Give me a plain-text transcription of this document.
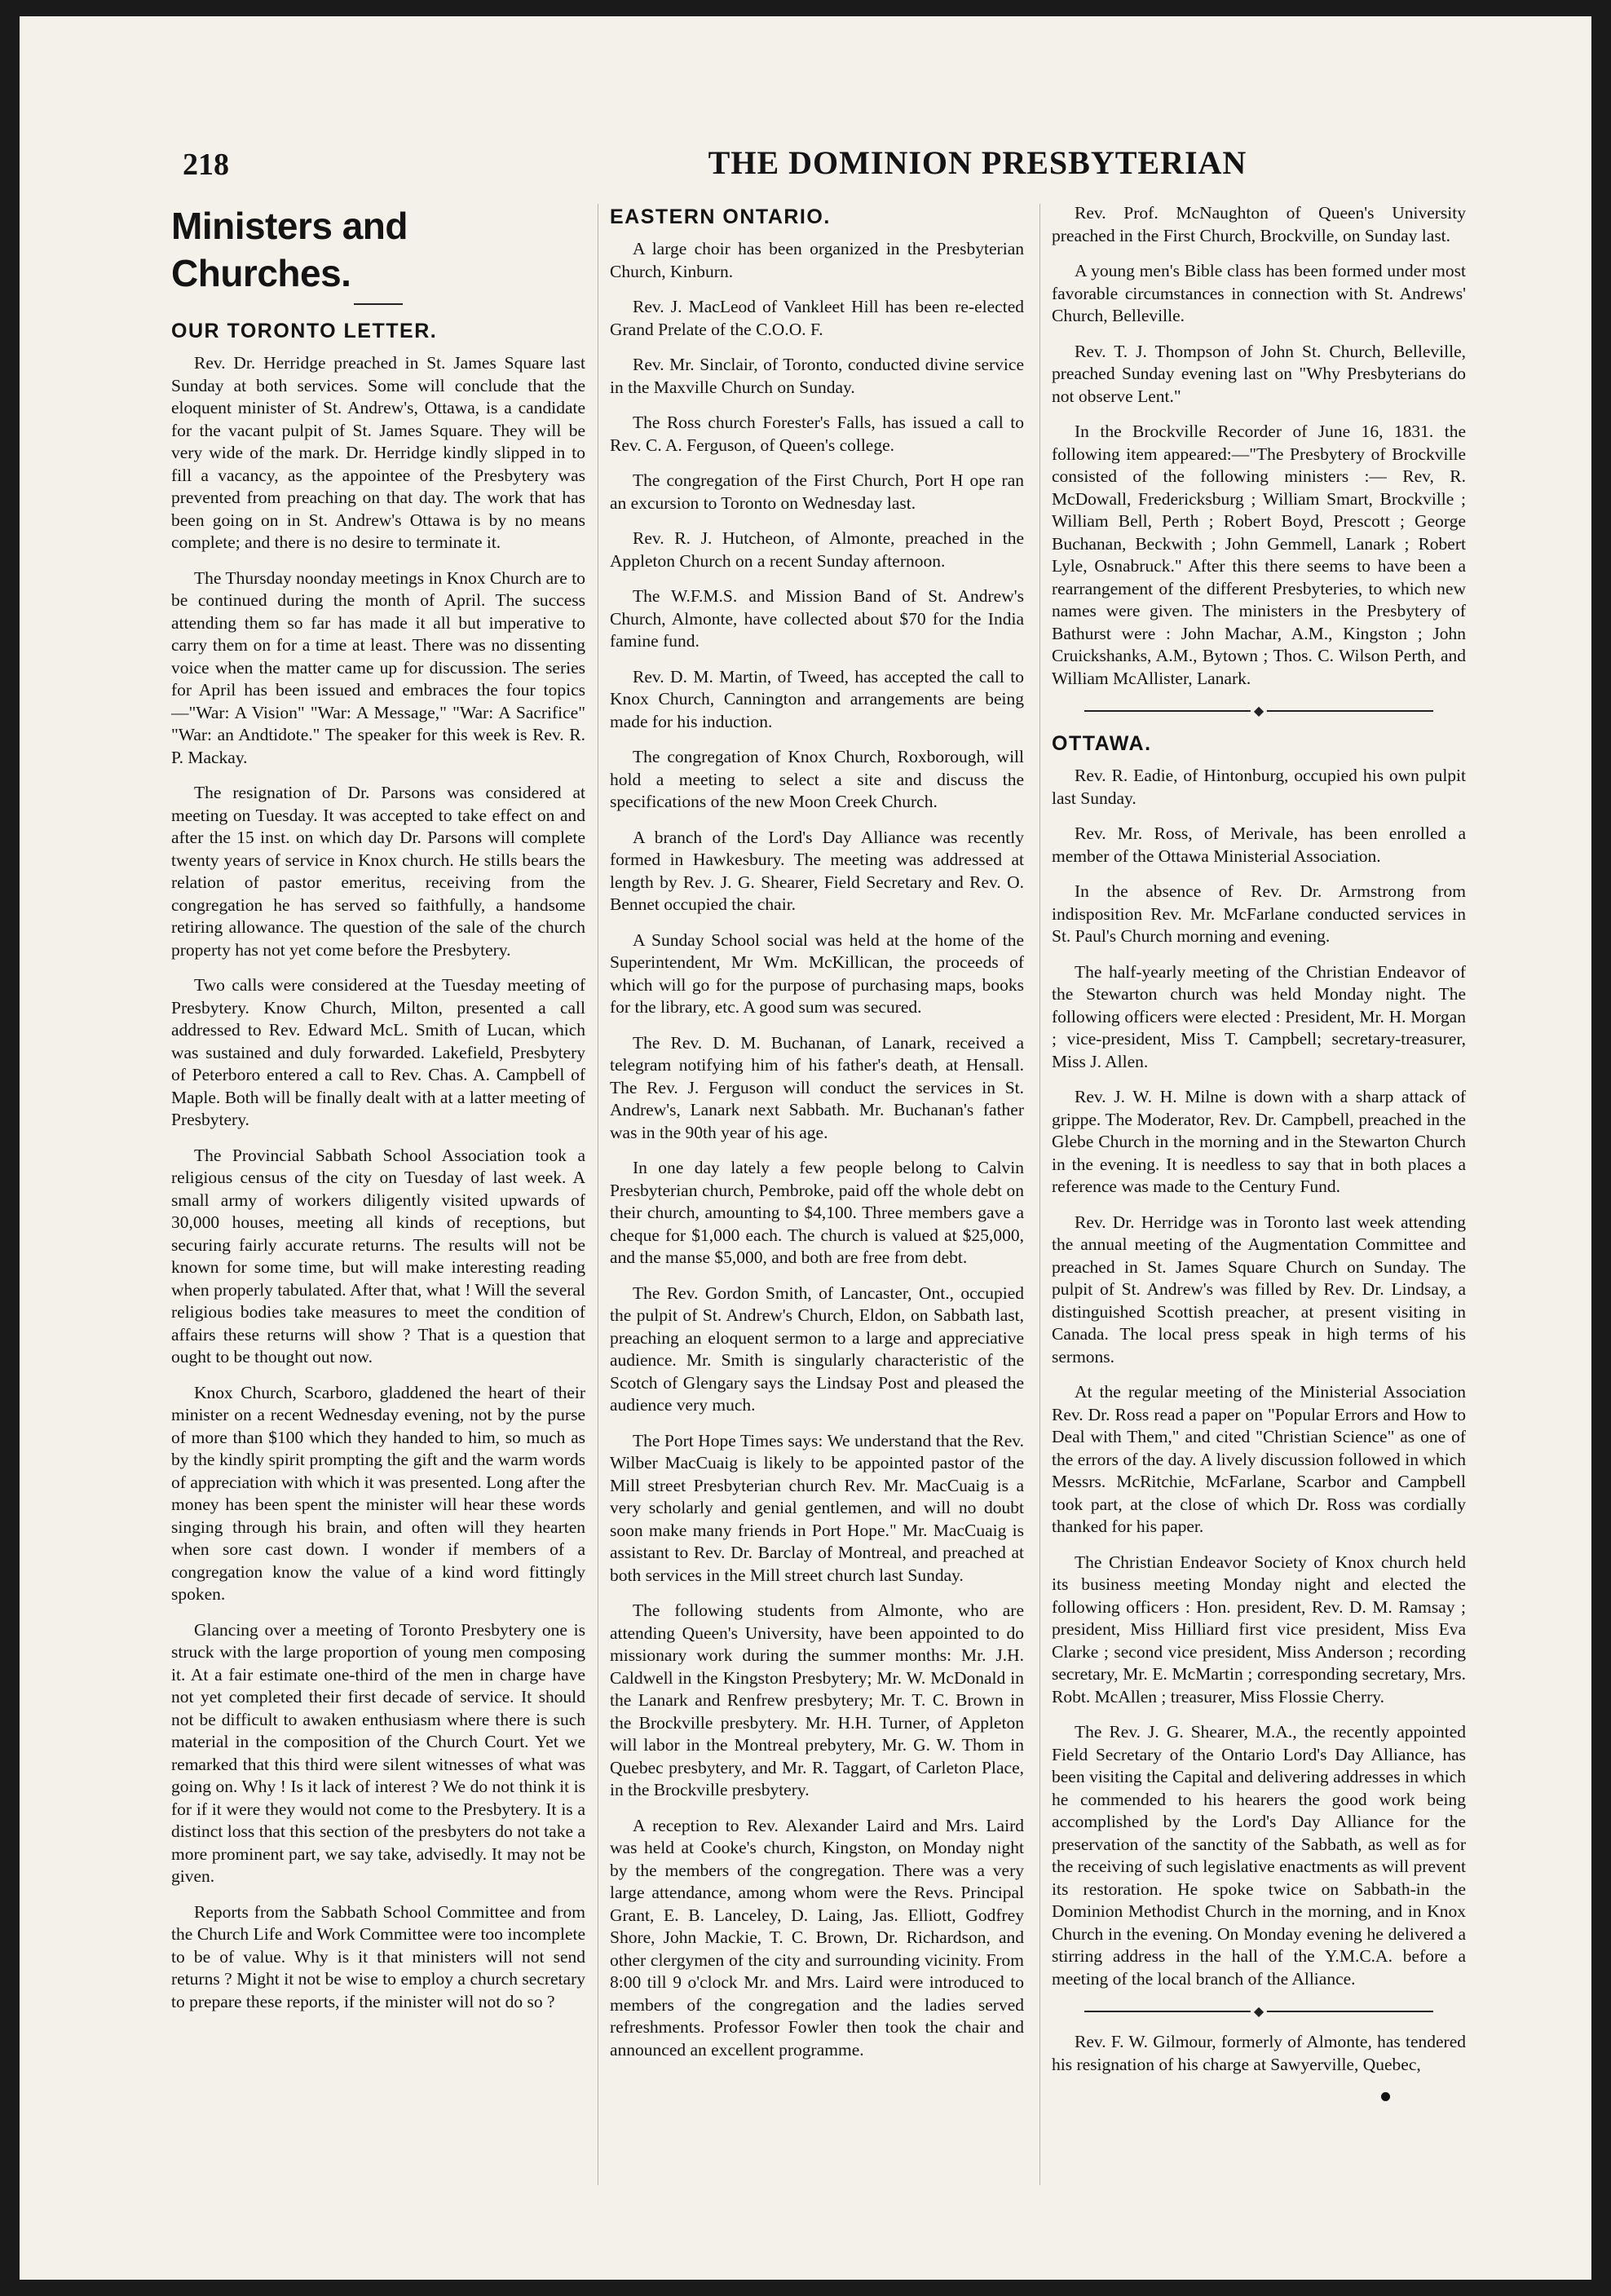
218	THE DOMINION PRESBYTERIAN
Ministers and Churches.
OUR TORONTO LETTER.

Rev. Dr. Herridge preached in St. James Square last Sunday at both services. Some will conclude that the eloquent minister of St. Andrew's, Ottawa, is a candidate for the vacant pulpit of St. James Square. They will be very wide of the mark. Dr. Herridge kindly slipped in to fill a vacancy, as the appointee of the Presbytery was prevented from preaching on that day. The work that has been going on in St. Andrew's Ottawa is by no means complete; and there is no desire to terminate it.

The Thursday noonday meetings in Knox Church are to be continued during the month of April. The success attending them so far has made it all but imperative to carry them on for a time at least. There was no dissenting voice when the matter came up for discussion. The series for April has been issued and embraces the four topics—"War: A Vision" "War: A Message," "War: A Sacrifice" "War: an Andtidote." The speaker for this week is Rev. R. P. Mackay.

The resignation of Dr. Parsons was considered at meeting on Tuesday. It was accepted to take effect on and after the 15 inst. on which day Dr. Parsons will complete twenty years of service in Knox church. He stills bears the relation of pastor emeritus, receiving from the congregation he has served so faithfully, a handsome retiring allowance. The question of the sale of the church property has not yet come before the Presbytery.

Two calls were considered at the Tuesday meeting of Presbytery. Know Church, Milton, presented a call addressed to Rev. Edward McL. Smith of Lucan, which was sustained and duly forwarded. Lakefield, Presbytery of Peterboro entered a call to Rev. Chas. A. Campbell of Maple. Both will be finally dealt with at a latter meeting of Presbytery.

The Provincial Sabbath School Association took a religious census of the city on Tuesday of last week. A small army of workers diligently visited upwards of 30,000 houses, meeting all kinds of receptions, but securing fairly accurate returns. The results will not be known for some time, but will make interesting reading when properly tabulated. After that, what ! Will the several religious bodies take measures to meet the condition of affairs these returns will show ? That is a question that ought to be thought out now.

Knox Church, Scarboro, gladdened the heart of their minister on a recent Wednesday evening, not by the purse of more than $100 which they handed to him, so much as by the kindly spirit prompting the gift and the warm words of appreciation with which it was presented. Long after the money has been spent the minister will hear these words singing through his brain, and often will they hearten when sore cast down. I wonder if members of a congregation know the value of a kind word fittingly spoken.

Glancing over a meeting of Toronto Presbytery one is struck with the large proportion of young men composing it. At a fair estimate one-third of the men in charge have not yet completed their first decade of service. It should not be difficult to awaken enthusiasm where there is such material in the composition of the Church Court. Yet we remarked that this third were silent witnesses of what was going on. Why ! Is it lack of interest ? We do not think it is for if it were they would not come to the Presbytery. It is a distinct loss that this section of the presbyters do not take a more prominent part, we say take, advisedly. It may not be given.

Reports from the Sabbath School Committee and from the Church Life and Work Committee were too incomplete to be of value. Why is it that ministers will not send returns ? Might it not be wise to employ a church secretary to prepare these reports, if the minister will not do so ?

EASTERN ONTARIO.

A large choir has been organized in the Presbyterian Church, Kinburn.

Rev. J. MacLeod of Vankleet Hill has been re-elected Grand Prelate of the C.O.O. F.

Rev. Mr. Sinclair, of Toronto, conducted divine service in the Maxville Church on Sunday.

The Ross church Forester's Falls, has issued a call to Rev. C. A. Ferguson, of Queen's college.

The congregation of the First Church, Port H ope ran an excursion to Toronto on Wednesday last.

Rev. R. J. Hutcheon, of Almonte, preached in the Appleton Church on a recent Sunday afternoon.

The W.F.M.S. and Mission Band of St. Andrew's Church, Almonte, have collected about $70 for the India famine fund.

Rev. D. M. Martin, of Tweed, has accepted the call to Knox Church, Cannington and arrangements are being made for his induction.

The congregation of Knox Church, Roxborough, will hold a meeting to select a site and discuss the specifications of the new Moon Creek Church.

A branch of the Lord's Day Alliance was recently formed in Hawkesbury. The meeting was addressed at length by Rev. J. G. Shearer, Field Secretary and Rev. O. Bennet occupied the chair.

A Sunday School social was held at the home of the Superintendent, Mr Wm. McKillican, the proceeds of which will go for the purpose of purchasing maps, books for the library, etc. A good sum was secured.

The Rev. D. M. Buchanan, of Lanark, received a telegram notifying him of his father's death, at Hensall. The Rev. J. Ferguson will conduct the services in St. Andrew's, Lanark next Sabbath. Mr. Buchanan's father was in the 90th year of his age.

In one day lately a few people belong to Calvin Presbyterian church, Pembroke, paid off the whole debt on their church, amounting to $4,100. Three members gave a cheque for $1,000 each. The church is valued at $25,000, and the manse $5,000, and both are free from debt.

The Rev. Gordon Smith, of Lancaster, Ont., occupied the pulpit of St. Andrew's Church, Eldon, on Sabbath last, preaching an eloquent sermon to a large and appreciative audience. Mr. Smith is singularly characteristic of the Scotch of Glengary says the Lindsay Post and pleased the audience very much.

The Port Hope Times says: We understand that the Rev. Wilber MacCuaig is likely to be appointed pastor of the Mill street Presbyterian church Rev. Mr. MacCuaig is a very scholarly and genial gentlemen, and will no doubt soon make many friends in Port Hope." Mr. MacCuaig is assistant to Rev. Dr. Barclay of Montreal, and preached at both services in the Mill street church last Sunday.

The following students from Almonte, who are attending Queen's University, have been appointed to do missionary work during the summer months: Mr. J.H. Caldwell in the Kingston Presbytery; Mr. W. McDonald in the Lanark and Renfrew presbytery; Mr. T. C. Brown in the Brockville presbytery. Mr. H.H. Turner, of Appleton will labor in the Montreal prebytery, Mr. G. W. Thom in Quebec presbytery, and Mr. R. Taggart, of Carleton Place, in the Brockville presbytery.

A reception to Rev. Alexander Laird and Mrs. Laird was held at Cooke's church, Kingston, on Monday night by the members of the congregation. There was a very large attendance, among whom were the Revs. Principal Grant, E. B. Lanceley, D. Laing, Jas. Elliott, Godfrey Shore, John Mackie, T. C. Brown, Dr. Richardson, and other clergymen of the city and surrounding vicinity. From 8:00 till 9 o'clock Mr. and Mrs. Laird were introduced to members of the congregation and the ladies served refreshments. Professor Fowler then took the chair and announced an excellent programme.

Rev. Prof. McNaughton of Queen's University preached in the First Church, Brockville, on Sunday last.

A young men's Bible class has been formed under most favorable circumstances in connection with St. Andrews' Church, Belleville.

Rev. T. J. Thompson of John St. Church, Belleville, preached Sunday evening last on "Why Presbyterians do not observe Lent."

In the Brockville Recorder of June 16, 1831. the following item appeared:—"The Presbytery of Brockville consisted of the following ministers :— Rev, R. McDowall, Fredericksburg ; William Smart, Brockville ; William Bell, Perth ; Robert Boyd, Prescott ; George Buchanan, Beckwith ; John Gemmell, Lanark ; Robert Lyle, Osnabruck." After this there seems to have been a rearrangement of the different Presbyteries, to which new names were given. The ministers in the Presbytery of Bathurst were : John Machar, A.M., Kingston ; John Cruickshanks, A.M., Bytown ; Thos. C. Wilson Perth, and William McAllister, Lanark.

◆
OTTAWA.

Rev. R. Eadie, of Hintonburg, occupied his own pulpit last Sunday.

Rev. Mr. Ross, of Merivale, has been enrolled a member of the Ottawa Ministerial Association.

In the absence of Rev. Dr. Armstrong from indisposition Rev. Mr. McFarlane conducted services in St. Paul's Church morning and evening.

The half-yearly meeting of the Christian Endeavor of the Stewarton church was held Monday night. The following officers were elected : President, Mr. H. Morgan ; vice-president, Miss T. Campbell; secretary-treasurer, Miss J. Allen.

Rev. J. W. H. Milne is down with a sharp attack of grippe. The Moderator, Rev. Dr. Campbell, preached in the Glebe Church in the morning and in the Stewarton Church in the evening. It is needless to say that in both places a reference was made to the Century Fund.

Rev. Dr. Herridge was in Toronto last week attending the annual meeting of the Augmentation Committee and preached in St. James Square Church on Sunday. The pulpit of St. Andrew's was filled by Rev. Dr. Lindsay, a distinguished Scottish preacher, at present visiting in Canada. The local press speak in high terms of his sermons.

At the regular meeting of the Ministerial Association Rev. Dr. Ross read a paper on "Popular Errors and How to Deal with Them," and cited "Christian Science" as one of the errors of the day. A lively discussion followed in which Messrs. McRitchie, McFarlane, Scarbor and Campbell took part, at the close of which Dr. Ross was cordially thanked for his paper.

The Christian Endeavor Society of Knox church held its business meeting Monday night and elected the following officers : Hon. president, Rev. D. M. Ramsay ; president, Miss Hilliard first vice president, Miss Eva Clarke ; second vice president, Miss Anderson ; recording secretary, Mr. E. McMartin ; corresponding secretary, Mrs. Robt. McAllen ; treasurer, Miss Flossie Cherry.

The Rev. J. G. Shearer, M.A., the recently appointed Field Secretary of the Ontario Lord's Day Alliance, has been visiting the Capital and delivering addresses in which he commended to his hearers the good work being accomplished by the Lord's Day Alliance for the preservation of the sanctity of the Sabbath, as well as for the receiving of such legislative enactments as will prevent its restoration. He spoke twice on Sabbath-in the Dominion Methodist Church in the morning, and in Knox Church in the evening. On Monday evening he delivered a stirring address in the hall of the Y.M.C.A. before a meeting of the local branch of the Alliance.

◆

Rev. F. W. Gilmour, formerly of Almonte, has tendered his resignation of his charge at Sawyerville, Quebec,
